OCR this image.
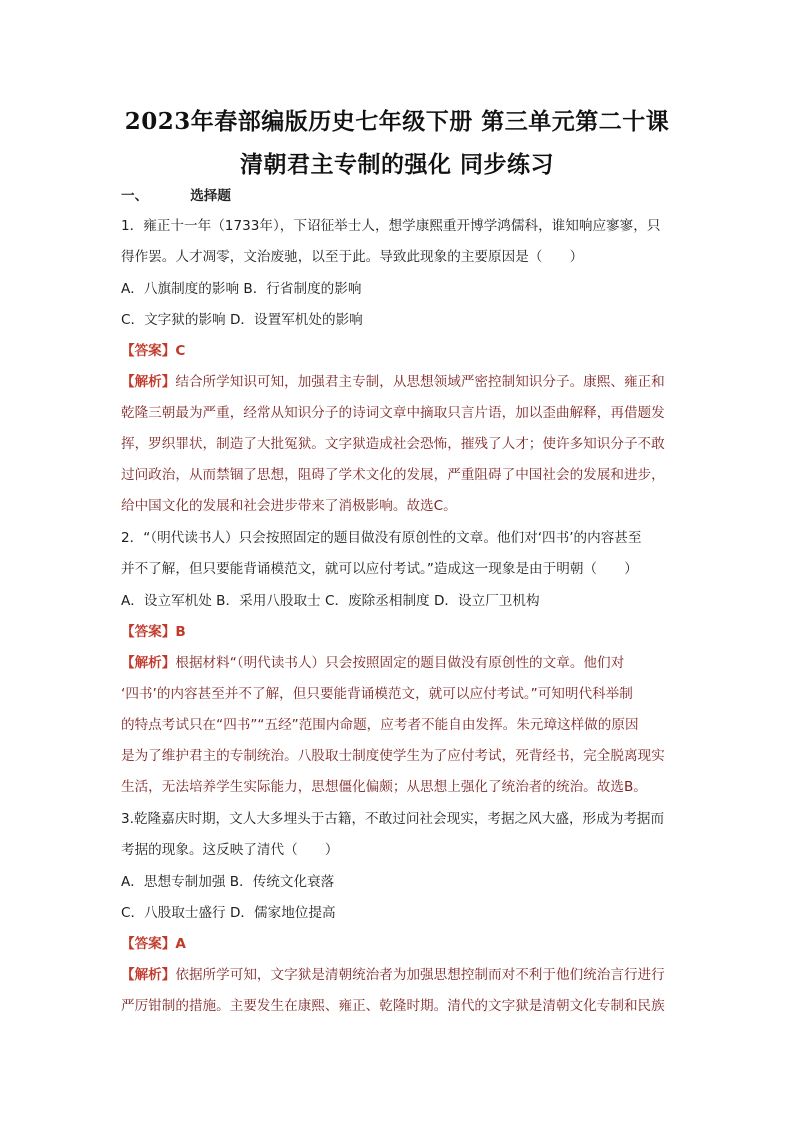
2023年春部编版历史七年级下册 第三单元第二十课
清朝君主专制的强化 同步练习
一、	选择题
1．雍正十一年（1733年），下诏征举士人，想学康熙重开博学鸿儒科，谁知响应寥寥，只
得作罢。人才凋零，文治废驰，以至于此。导致此现象的主要原因是（　　）
A．八旗制度的影响 B．行省制度的影响
C．文字狱的影响 D．设置军机处的影响
【答案】C
【解析】结合所学知识可知，加强君主专制，从思想领域严密控制知识分子。康熙、雍正和
乾隆三朝最为严重，经常从知识分子的诗词文章中摘取只言片语，加以歪曲解释，再借题发
挥，罗织罪状，制造了大批冤狱。文字狱造成社会恐怖，摧残了人才；使许多知识分子不敢
过问政治，从而禁锢了思想，阻碍了学术文化的发展，严重阻碍了中国社会的发展和进步，
给中国文化的发展和社会进步带来了消极影响。故选C。
2．“（明代读书人）只会按照固定的题目做没有原创性的文章。他们对‘四书’的内容甚至
并不了解，但只要能背诵模范文，就可以应付考试。”造成这一现象是由于明朝（　　）
A．设立军机处 B．采用八股取士 C．废除丞相制度 D．设立厂卫机构
【答案】B
【解析】根据材料“（明代读书人）只会按照固定的题目做没有原创性的文章。他们对
‘四书’的内容甚至并不了解，但只要能背诵模范文，就可以应付考试。”可知明代科举制
的特点考试只在“四书”“五经”范围内命题，应考者不能自由发挥。朱元璋这样做的原因
是为了维护君主的专制统治。八股取士制度使学生为了应付考试，死背经书，完全脱离现实
生活，无法培养学生实际能力，思想僵化偏颇；从思想上强化了统治者的统治。故选B。
3.乾隆嘉庆时期，文人大多埋头于古籍，不敢过问社会现实，考据之风大盛，形成为考据而
考据的现象。这反映了清代（　　）
A．思想专制加强 B．传统文化衰落
C．八股取士盛行 D．儒家地位提高
【答案】A
【解析】依据所学可知，文字狱是清朝统治者为加强思想控制而对不利于他们统治言行进行
严厉钳制的措施。主要发生在康熙、雍正、乾隆时期。清代的文字狱是清朝文化专制和民族
